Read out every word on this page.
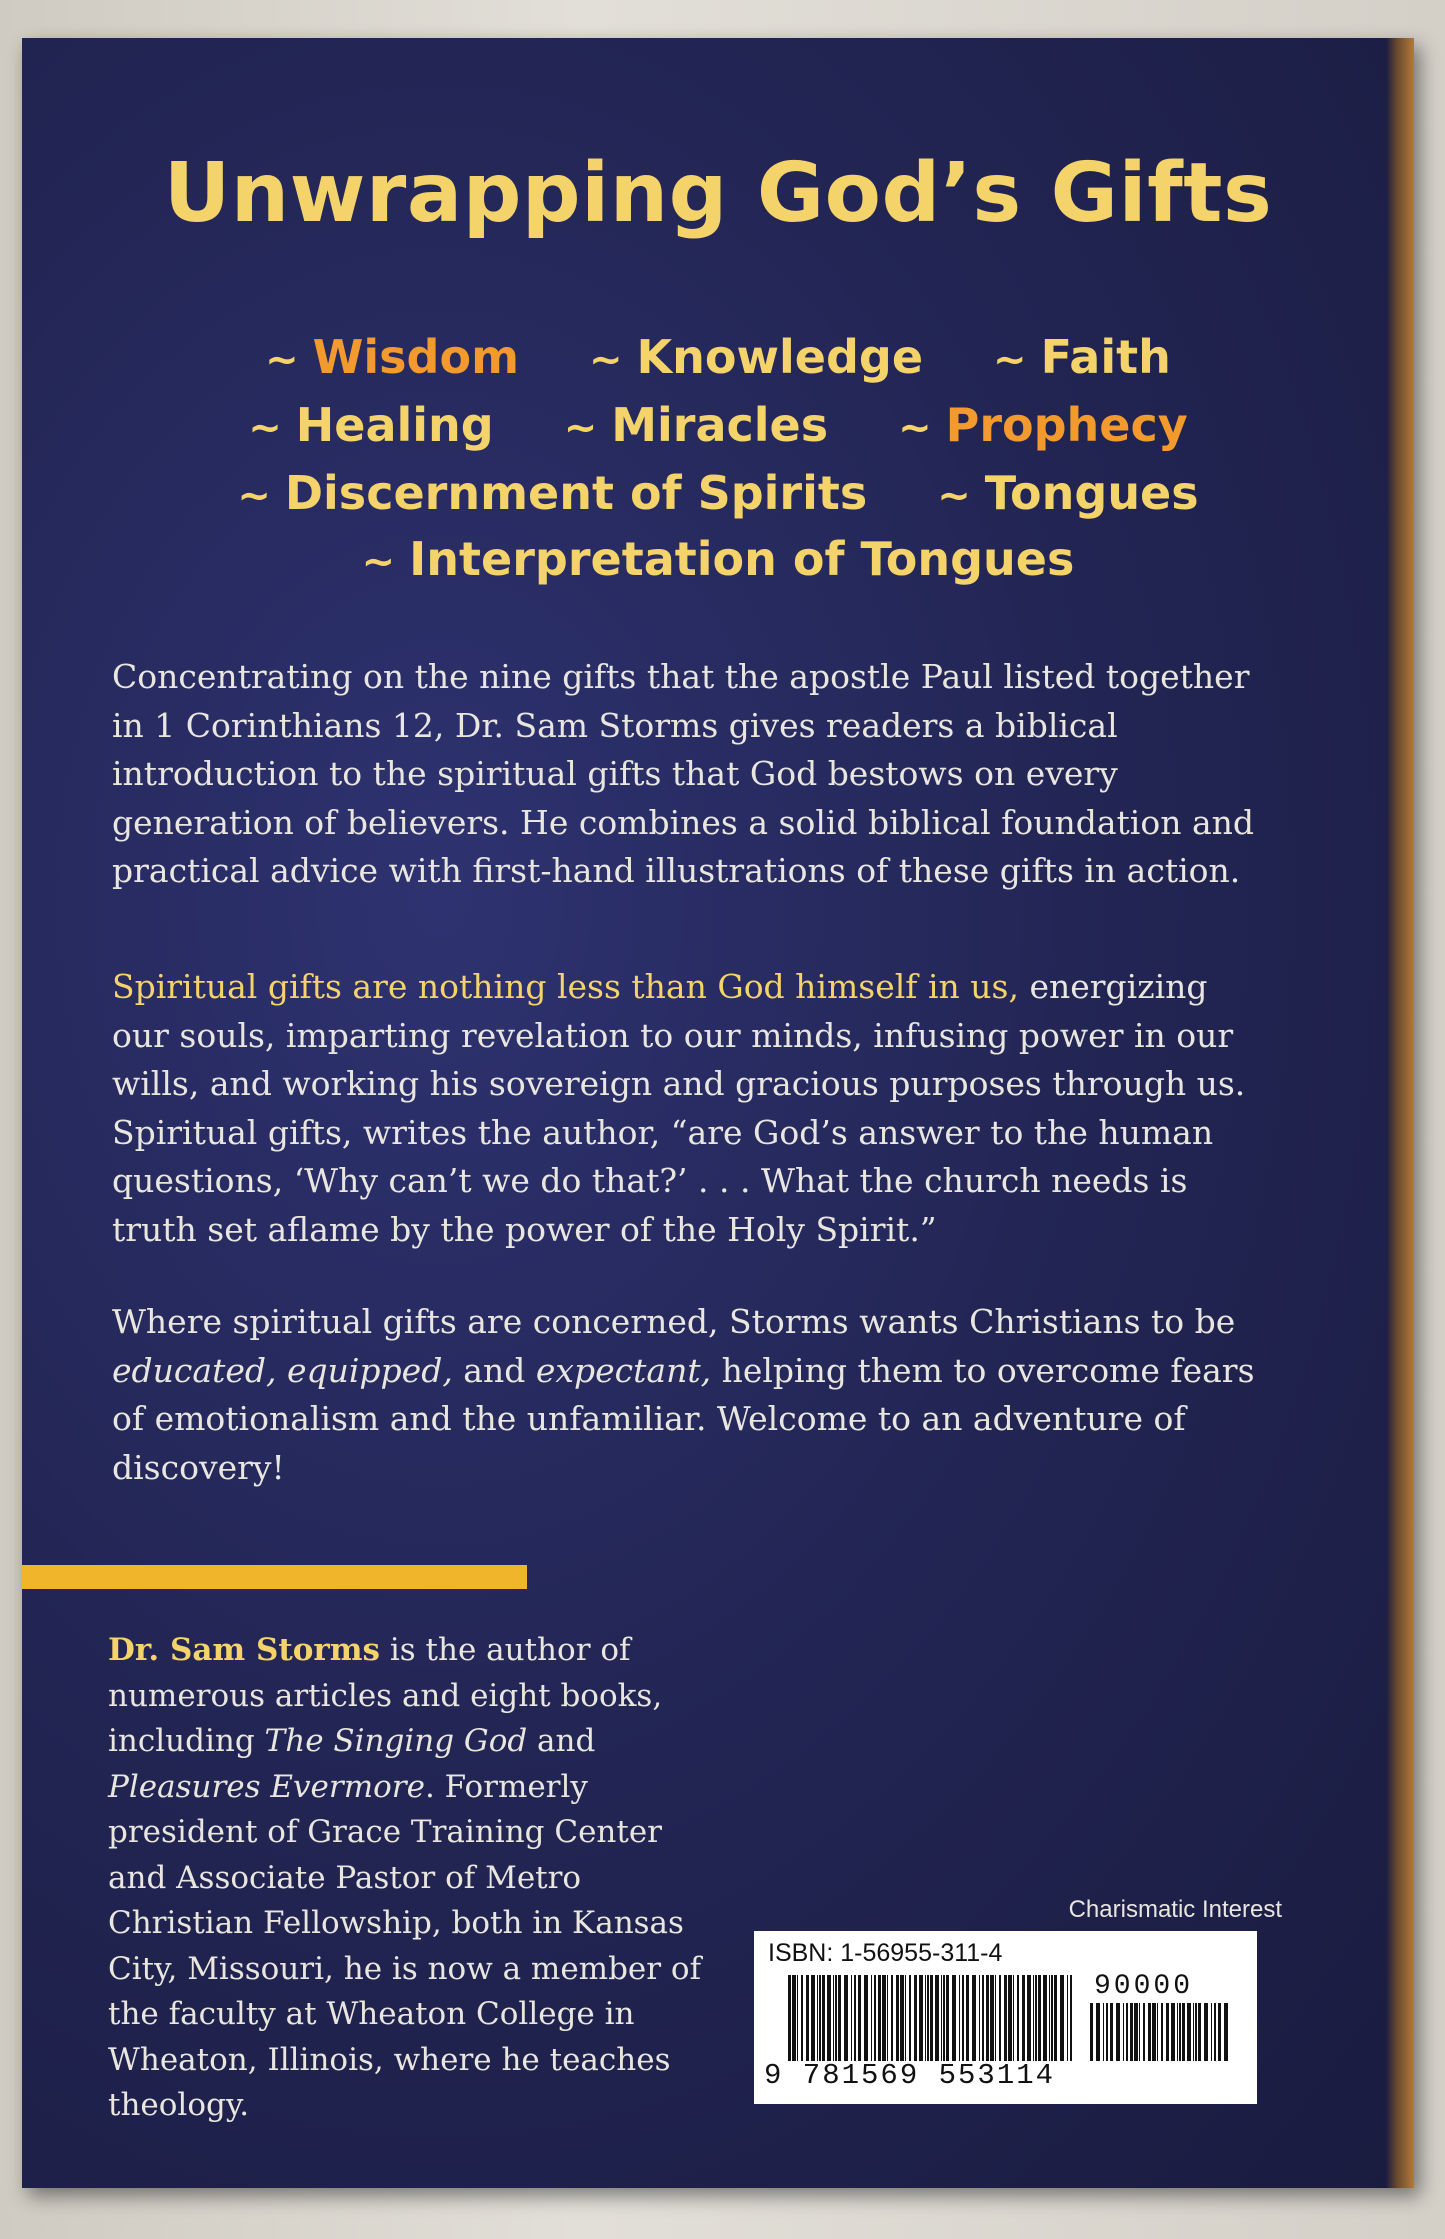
Unwrapping God’s Gifts
~ Wisdom ~ Knowledge ~ Faith
~ Healing ~ Miracles ~ Prophecy
~ Discernment of Spirits ~ Tongues
~ Interpretation of Tongues
Concentrating on the nine gifts that the apostle Paul listed together in 1 Corinthians 12, Dr. Sam Storms gives readers a biblical introduction to the spiritual gifts that God bestows on every generation of believers. He combines a solid biblical foundation and practical advice with first-hand illustrations of these gifts in action.
Spiritual gifts are nothing less than God himself in us, energizing our souls, imparting revelation to our minds, infusing power in our wills, and working his sovereign and gracious purposes through us. Spiritual gifts, writes the author, “are God’s answer to the human questions, ‘Why can’t we do that?’ . . . What the church needs is truth set aflame by the power of the Holy Spirit.”
Where spiritual gifts are concerned, Storms wants Christians to be educated, equipped, and expectant, helping them to overcome fears of emotionalism and the unfamiliar. Welcome to an adventure of discovery!
Dr. Sam Storms is the author of numerous articles and eight books, including The Singing God and Pleasures Evermore. Formerly president of Grace Training Center and Associate Pastor of Metro Christian Fellowship, both in Kansas City, Missouri, he is now a member of the faculty at Wheaton College in Wheaton, Illinois, where he teaches theology.
Charismatic Interest
ISBN: 1-56955-311-4
90000
9 781569 553114
